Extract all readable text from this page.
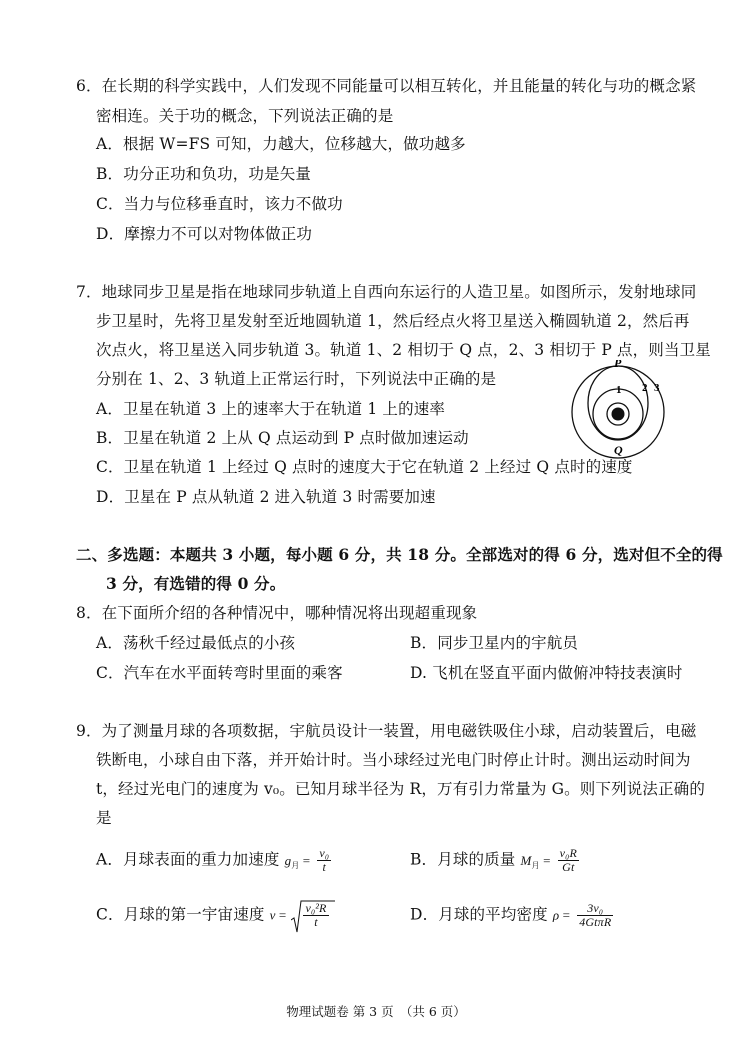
6．在长期的科学实践中，人们发现不同能量可以相互转化，并且能量的转化与功的概念紧
密相连。关于功的概念，下列说法正确的是
A．根据 W=FS 可知，力越大，位移越大，做功越多
B．功分正功和负功，功是矢量
C．当力与位移垂直时，该力不做功
D．摩擦力不可以对物体做正功
7．地球同步卫星是指在地球同步轨道上自西向东运行的人造卫星。如图所示，发射地球同
步卫星时，先将卫星发射至近地圆轨道 1，然后经点火将卫星送入椭圆轨道 2，然后再
次点火，将卫星送入同步轨道 3。轨道 1、2 相切于 Q 点，2、3 相切于 P 点，则当卫星
分别在 1、2、3 轨道上正常运行时，下列说法中正确的是
A．卫星在轨道 3 上的速率大于在轨道 1 上的速率
B．卫星在轨道 2 上从 Q 点运动到 P 点时做加速运动
C．卫星在轨道 1 上经过 Q 点时的速度大于它在轨道 2 上经过 Q 点时的速度
D．卫星在 P 点从轨道 2 进入轨道 3 时需要加速
P
Q
1 2 3
二、多选题：本题共 3 小题，每小题 6 分，共 18 分。全部选对的得 6 分，选对但不全的得
3 分，有选错的得 0 分。
8．在下面所介绍的各种情况中，哪种情况将出现超重现象
A．荡秋千经过最低点的小孩	B．同步卫星内的宇航员
C．汽车在水平面转弯时里面的乘客	D. 飞机在竖直平面内做俯冲特技表演时
9．为了测量月球的各项数据，宇航员设计一装置，用电磁铁吸住小球，启动装置后，电磁
铁断电，小球自由下落，并开始计时。当小球经过光电门时停止计时。测出运动时间为
t，经过光电门的速度为 v₀。已知月球半径为 R，万有引力常量为 G。则下列说法正确的
是
A．月球表面的重力加速度 $g_月 = \frac{\text{v₀}}{t}$	B．月球的质量 $M_月 = \frac{\text{v₀R}}{Gt}$
C．月球的第一宇宙速度 $v = \frac{\text{v₀²R}}{t}$	D．月球的平均密度 $\rho = \frac{\text{3v₀}}{\text{4GtπR}}$
物理试题卷 第 3 页　（共 6 页）
